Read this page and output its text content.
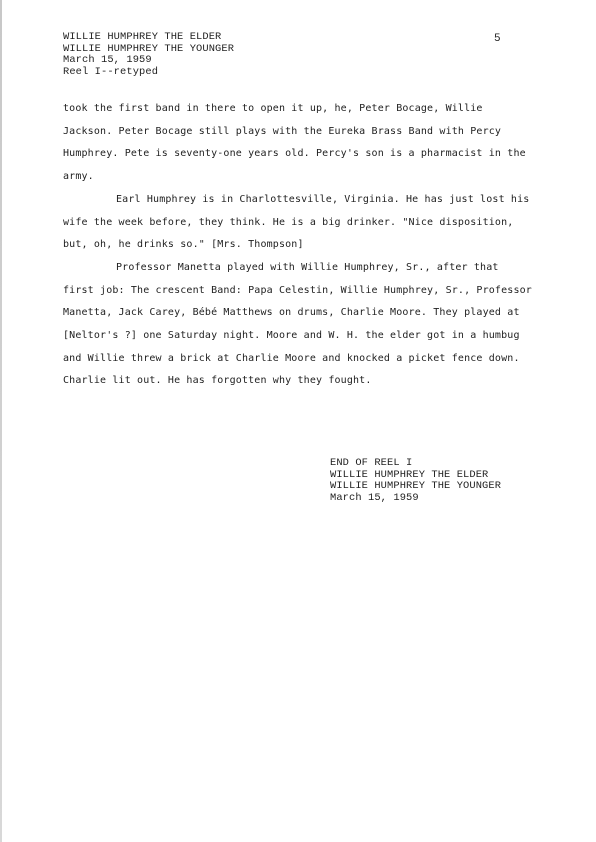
WILLIE HUMPHREY THE ELDER
WILLIE HUMPHREY THE YOUNGER
March 15, 1959
Reel I--retyped
5

took the first band in there to open it up, he, Peter Bocage, Willie Jackson. Peter Bocage still plays with the Eureka Brass Band with Percy Humphrey. Pete is seventy-one years old. Percy's son is a pharmacist in the army.

Earl Humphrey is in Charlottesville, Virginia. He has just lost his wife the week before, they think. He is a big drinker. "Nice disposition, but, oh, he drinks so." [Mrs. Thompson]

Professor Manetta played with Willie Humphrey, Sr., after that first job: The crescent Band: Papa Celestin, Willie Humphrey, Sr., Professor Manetta, Jack Carey, Bébé Matthews on drums, Charlie Moore. They played at [Neltor's ?] one Saturday night. Moore and W. H. the elder got in a humbug and Willie threw a brick at Charlie Moore and knocked a picket fence down. Charlie lit out. He has forgotten why they fought.

END OF REEL I
WILLIE HUMPHREY THE ELDER
WILLIE HUMPHREY THE YOUNGER
March 15, 1959
